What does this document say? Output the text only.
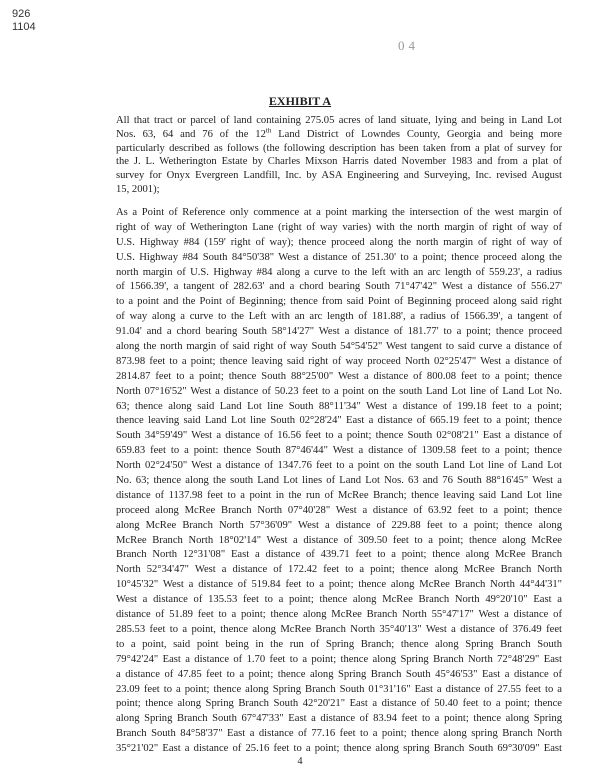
926
1104
04
EXHIBIT A
All that tract or parcel of land containing 275.05 acres of land situate, lying and being in Land Lot
Nos. 63, 64 and 76 of the 12th Land District of Lowndes County, Georgia and being more
particularly described as follows (the following description has been taken from a plat of survey for
the J. L. Wetherington Estate by Charles Mixson Harris dated November 1983 and from a plat of
survey for Onyx Evergreen Landfill, Inc. by ASA Engineering and Surveying, Inc. revised August
15, 2001);
As a Point of Reference only commence at a point marking the intersection of the west margin of
right of way of Wetherington Lane (right of way varies) with the north margin of right of way of
U.S. Highway #84 (159' right of way); thence proceed along the north margin of right of way of
U.S. Highway #84 South 84°50'38" West a distance of 251.30' to a point; thence proceed along the
north margin of U.S. Highway #84 along a curve to the left with an arc length of 559.23', a radius
of 1566.39', a tangent of 282.63' and a chord bearing South 71°47'42" West a distance of 556.27'
to a point and the Point of Beginning; thence from said Point of Beginning proceed along said right
of way along a curve to the Left with an arc length of 181.88', a radius of 1566.39', a tangent of
91.04' and a chord bearing South 58°14'27" West a distance of 181.77' to a point; thence proceed
along the north margin of said right of way South 54°54'52" West tangent to said curve a distance of
873.98 feet to a point; thence leaving said right of way proceed North 02°25'47" West a distance of
2814.87 feet to a point; thence South 88°25'00" West a distance of 800.08 feet to a point; thence
North 07°16'52" West a distance of 50.23 feet to a point on the south Land Lot line of Land Lot No.
63; thence along said Land Lot line South 88°11'34" West a distance of 199.18 feet to a point;
thence leaving said Land Lot line South 02°28'24" East a distance of 665.19 feet to a point; thence
South 34°59'49" West a distance of 16.56 feet to a point; thence South 02°08'21" East a distance of
659.83 feet to a point: thence South 87°46'44" West a distance of 1309.58 feet to a point; thence
North 02°24'50" West a distance of 1347.76 feet to a point on the south Land Lot line of Land Lot
No. 63; thence along the south Land Lot lines of Land Lot Nos. 63 and 76 South 88°16'45" West a
distance of 1137.98 feet to a point in the run of McRee Branch; thence leaving said Land Lot line
proceed along McRee Branch North 07°40'28" West a distance of 63.92 feet to a point; thence
along McRee Branch North 57°36'09" West a distance of 229.88 feet to a point; thence along
McRee Branch North 18°02'14" West a distance of 309.50 feet to a point; thence along McRee
Branch North 12°31'08" East a distance of 439.71 feet to a point; thence along McRee Branch
North 52°34'47" West a distance of 172.42 feet to a point; thence along McRee Branch North
10°45'32" West a distance of 519.84 feet to a point; thence along McRee Branch North 44°44'31"
West a distance of 135.53 feet to a point; thence along McRee Branch North 49°20'10" East a
distance of 51.89 feet to a point; thence along McRee Branch North 55°47'17" West a distance of
285.53 feet to a point, thence along McRee Branch North 35°40'13" West a distance of 376.49 feet
to a point, said point being in the run of Spring Branch; thence along Spring Branch South
79°42'24" East a distance of 1.70 feet to a point; thence along Spring Branch North 72°48'29" East
a distance of 47.85 feet to a point; thence along Spring Branch South 45°46'53" East a distance of
23.09 feet to a point; thence along Spring Branch South 01°31'16" East a distance of 27.55 feet to a
point; thence along Spring Branch South 42°20'21" East a distance of 50.40 feet to a point; thence
along Spring Branch South 67°47'33" East a distance of 83.94 feet to a point; thence along Spring
Branch South 84°58'37" East a distance of 77.16 feet to a point; thence along spring Branch North
35°21'02" East a distance of 25.16 feet to a point; thence along spring Branch South 69°30'09" East
4
